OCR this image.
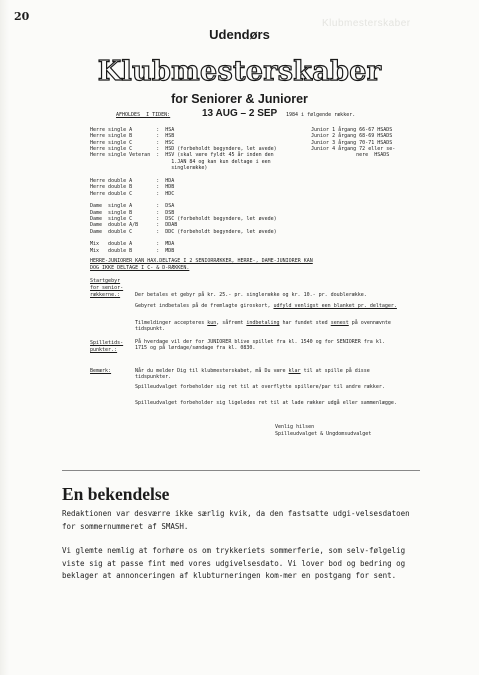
20
Klubmesterskaber
Udendørs
Klubmesterskaber
for Seniorer & Juniorer
AFHOLDES  I TIDEN:	13 AUG – 2 SEP 1984 i følgende rækker.
Herre single A        :  HSA
Herre single B        :  HSB
Herre single C        :  HSC
Herre single C        :  HSD (forbeholdt begyndere, let avede)
Herre single Veteran  :  HSV (skal være fyldt 45 år inden den
1.JAN 84 og kan kun deltage i een
singlerække)
Herre double A        :  HDA
Herre double B        :  HDB
Herre double C        :  HDC
Dame  single A        :  DSA
Dame  single B        :  DSB
Dame  single C        :  DSC (forbeholdt begyndere, let øvede)
Dame  double A/B      :  DDAB
Dame  double C        :  DDC (forbeholdt begyndere, let øvede)
Mix   double A        :  MDA
Mix   double B        :  MDB
Junior 1 årgang 66-67 HSADS
Junior 2 årgang 68-69 HSADS
Junior 3 årgang 70-71 HSADS
Junior 4 årgang 72 eller se-
nere  HSADS
HERRE-JUNIORER KAN HAX.DELTAGE I 2 SENIORRÆKKER, HERRE-, DAME-JUNIORER KAN
DOG IKKE DELTAGE I C- & D-RÆKKEN.
Startgebyr
for senior-
rækkerne.:	Der betales et gebyr på kr. 25.- pr. singlerække og kr. 10.- pr. doublerække.
Gebyret indbetales på de fremlagte giroskort, udfyld venligst een blanket pr. deltager.
Tilmeldinger accepteres kun, såfremt indbetaling har fundet sted senest på ovennævnte tidspunkt.
Spilletids-
punkter.:
På hverdage vil der for JUNIORER blive spillet fra kl. 1540 og for SENIORER fra kl. 1715 og på lørdage/søndage fra kl. 0830.
Bemærk:	Når du melder Dig til klubmesterskabet, må Du være klar til at spille på disse tidspunkter.
Spilleudvalget forbeholder sig ret til at overflytte spillere/par til andre rækker.
Spilleudvalget forbeholder sig ligeledes ret til at lade rækker udgå eller sammenlægge.
Venlig hilsen
Spilleudvalget & Ungdomsudvalget
En bekendelse
Redaktionen var desværre ikke særlig kvik, da den fastsatte udgi-velsesdatoen for sommernummeret af SMASH.
Vi glemte nemlig at forhøre os om trykkeriets sommerferie, som selv-følgelig viste sig at passe fint med vores udgivelsesdato. Vi lover bod og bedring og beklager at annonceringen af klubturneringen kom-mer en postgang for sent.
